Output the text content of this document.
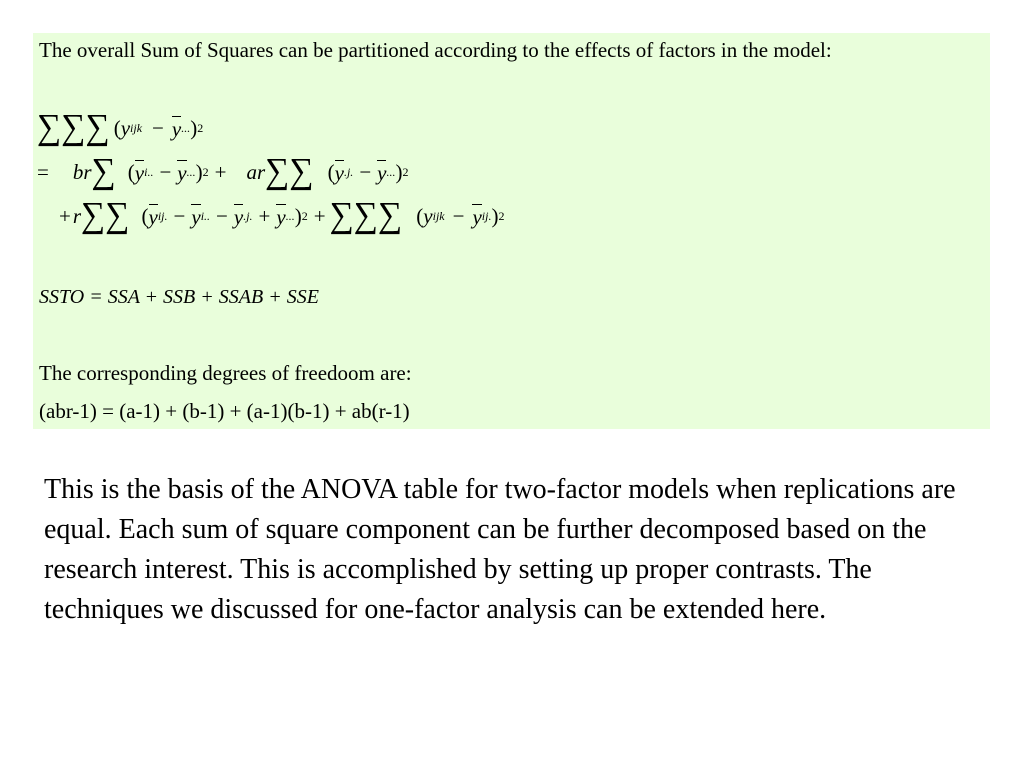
The overall Sum of Squares can be partitioned according to the effects of factors in the model:
∑∑∑ ( y ijk − y ... ) 2
= br ∑ ( y i.. − y ... ) 2 + ar ∑∑ ( y .j. − y ... ) 2
+ r ∑∑ ( y ij. − y i.. − y .j. + y ... ) 2 + ∑∑∑ ( y ijk − y ij. ) 2
SSTO = SSA + SSB + SSAB + SSE
The corresponding degrees of freedoom are:
(abr-1) = (a-1) + (b-1) + (a-1)(b-1) + ab(r-1)
This is the basis of the ANOVA table for two-factor models when replications are equal. Each sum of square component can be further decomposed based on the research interest. This is accomplished by setting up proper contrasts. The techniques we discussed for one-factor analysis can be extended here.
